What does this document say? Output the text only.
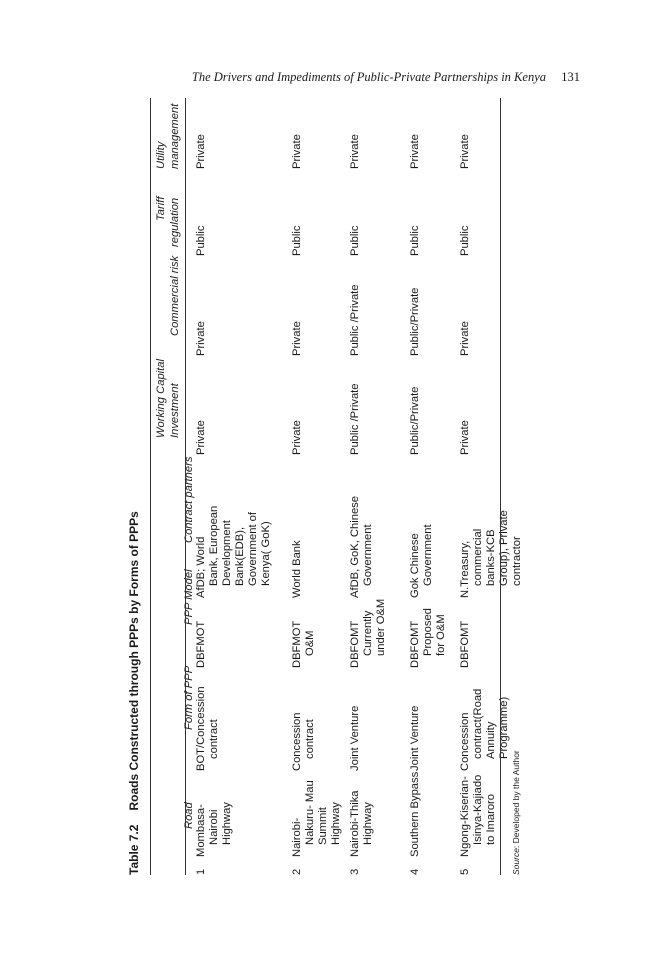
The Drivers and Impediments of Public-Private Partnerships in Kenya 131
Table 7.2Roads Constructed through PPPs by Forms of PPPs
Road
Form of PPP
PPP Model
Contract partners
Working Capital Investment
Commercial risk
Tariff regulation
Utility management
1
Mombasa- Nairobi Highway
BOT/Concession contract
DBFMOT
AfDB; World Bank, European Development Bank(EDB), Government of Kenya( GoK)
Private
Private
Public
Private
2
Nairobi- Nakuru- Mau Summit Highway
Concession contract
DBFMOT O&M
World Bank
Private
Private
Public
Private
3
Nairobi-Thika Highway
Joint Venture
DBFOMT Currently under O&M
AfDB, GoK, Chinese Government
Public /Private
Public /Private
Public
Private
4
Southern Bypass
Joint Venture
DBFOMT Proposed for O&M
Gok Chinese Government
Public/Private
Public/Private
Public
Private
5
Ngong-Kiserian- Isinya-Kajiado to Imaroro
Concession contract(Road Annuity Programme)
DBFOMT
N.Treasury, commercial banks-KCB Group), Private contractor
Private
Private
Public
Private
Source: Developed by the Author
